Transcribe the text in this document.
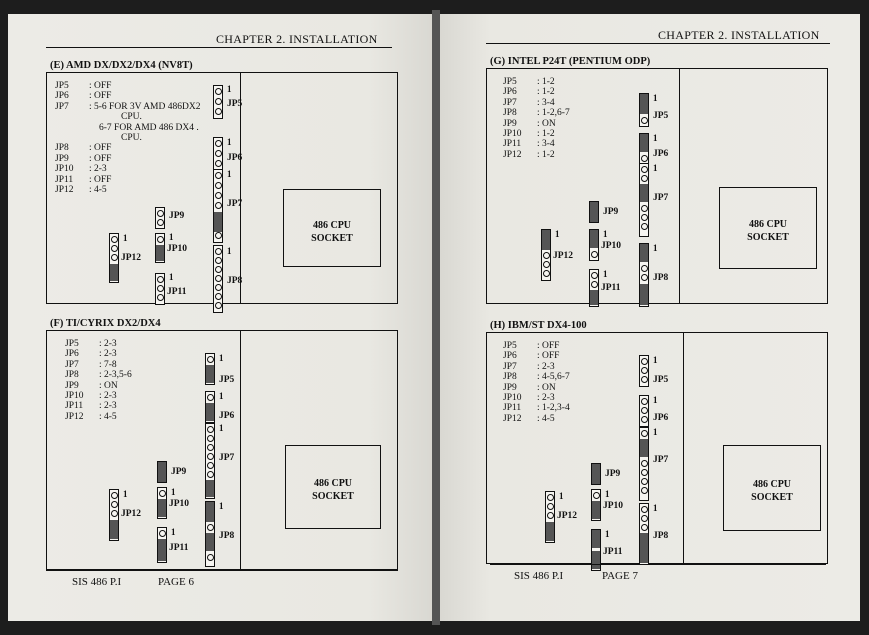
CHAPTER 2. INSTALLATION
(E) AMD DX/DX2/DX4 (NV8T)
JP5 : OFF
JP6 : OFF
JP7 : 5-6 FOR 3V AMD 486DX2
CPU.
6-7 FOR AMD 486 DX4 .
CPU.
JP8 : OFF
JP9 : OFF
JP10 : 2-3
JP11 : OFF
JP12 : 4-5
1
JP5
1
JP6
1
JP7
1
JP8
JP9
1
JP10
1
JP11
1
JP12
486 CPU
SOCKET
(F) TI/CYRIX DX2/DX4
JP5 : 2-3
JP6 : 2-3
JP7 : 7-8
JP8 : 2-3,5-6
JP9 : ON
JP10 : 2-3
JP11 : 2-3
JP12 : 4-5
1
JP5
1
JP6
1
JP7
1
JP8
JP9
1
JP10
1
JP11
1
JP12
486 CPU
SOCKET
SIS 486 P.I	PAGE 6
CHAPTER 2. INSTALLATION
(G) INTEL P24T (PENTIUM ODP)
JP5 : 1-2
JP6 : 1-2
JP7 : 3-4
JP8 : 1-2,6-7
JP9 : ON
JP10 : 1-2
JP11 : 3-4
JP12 : 1-2
1
JP5
1
JP6
1
JP7
1
JP8
JP9
1
JP10
1
JP11
1
JP12
486 CPU
SOCKET
(H) IBM/ST DX4-100
JP5 : OFF
JP6 : OFF
JP7 : 2-3
JP8 : 4-5,6-7
JP9 : ON
JP10 : 2-3
JP11 : 1-2,3-4
JP12 : 4-5
1
JP5
1
JP6
1
JP7
1
JP8
JP9
1
JP10
1
JP11
1
JP12
486 CPU
SOCKET
SIS 486 P.I	PAGE 7
